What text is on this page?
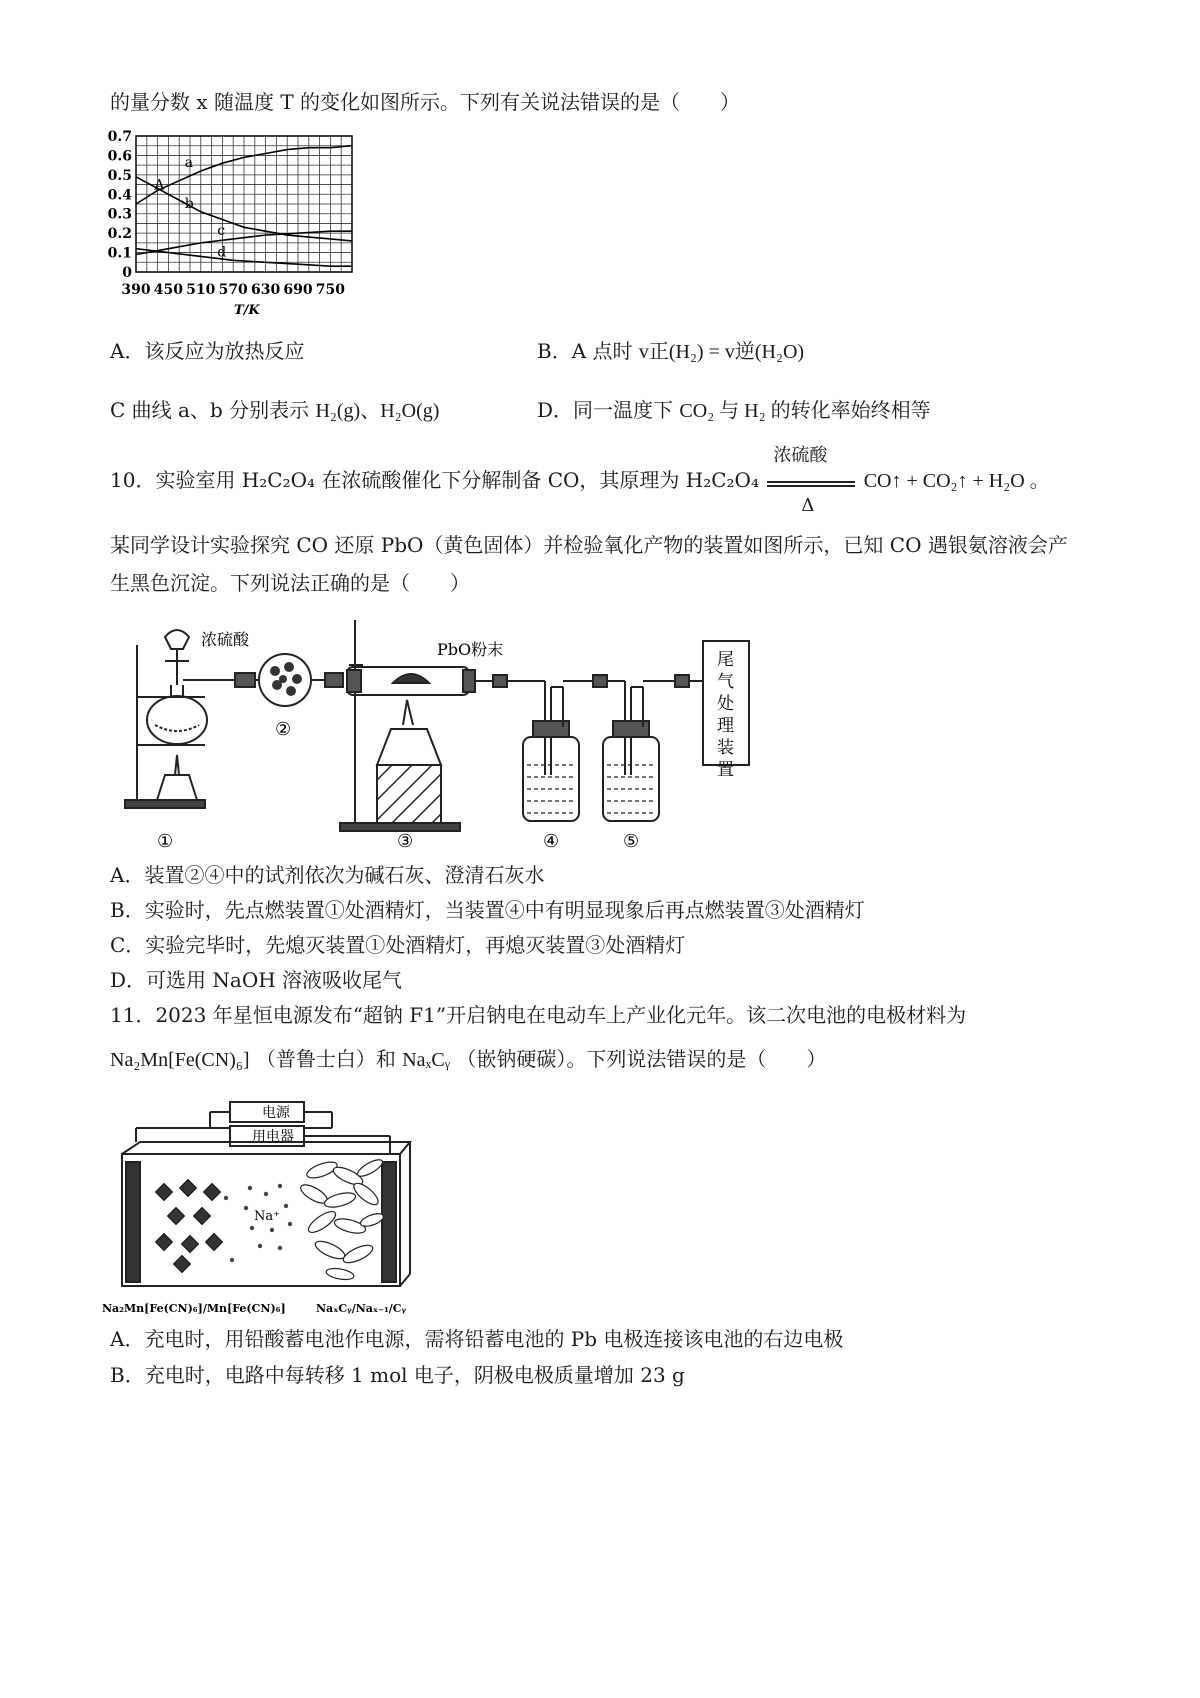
的量分数 x 随温度 T 的变化如图所示。下列有关说法错误的是（　　）
0
0.1
0.2
0.3
0.4
0.5
0.6
0.7
390 450 510 570 630 690 750
T/K
a
b
c
d
A
A．该反应为放热反应	B．A 点时 v正(H₂) = v逆(H₂O)
C 曲线 a、b 分别表示 H₂(g)、H₂O(g)	D．同一温度下 CO₂ 与 H₂ 的转化率始终相等
10．实验室用 H₂C₂O₄ 在浓硫酸催化下分解制备 CO，其原理为 H₂C₂O₄
浓硫酸
Δ
CO↑ + CO₂↑ + H₂O 。
某同学设计实验探究 CO 还原 PbO（黄色固体）并检验氧化产物的装置如图所示，已知 CO 遇银氨溶液会产
生黑色沉淀。下列说法正确的是（　　）
浓硫酸
PbO粉末
尾
气
处
理
装
置
②
①	③	④	⑤
A．装置②④中的试剂依次为碱石灰、澄清石灰水
B．实验时，先点燃装置①处酒精灯，当装置④中有明显现象后再点燃装置③处酒精灯
C．实验完毕时，先熄灭装置①处酒精灯，再熄灭装置③处酒精灯
D．可选用 NaOH 溶液吸收尾气
11．2023 年星恒电源发布“超钠 F1”开启钠电在电动车上产业化元年。该二次电池的电极材料为
Na₂Mn[Fe(CN)₆] （普鲁士白）和 NaₓCᵧ （嵌钠硬碳）。下列说法错误的是（　　）
Na⁺
电源
用电器
Na₂Mn[Fe(CN)₆]/Mn[Fe(CN)₆]	NaₓCᵧ/Naₓ₋₁/Cᵧ
A．充电时，用铅酸蓄电池作电源，需将铅蓄电池的 Pb 电极连接该电池的右边电极
B．充电时，电路中每转移 1 mol 电子，阴极电极质量增加 23 g
